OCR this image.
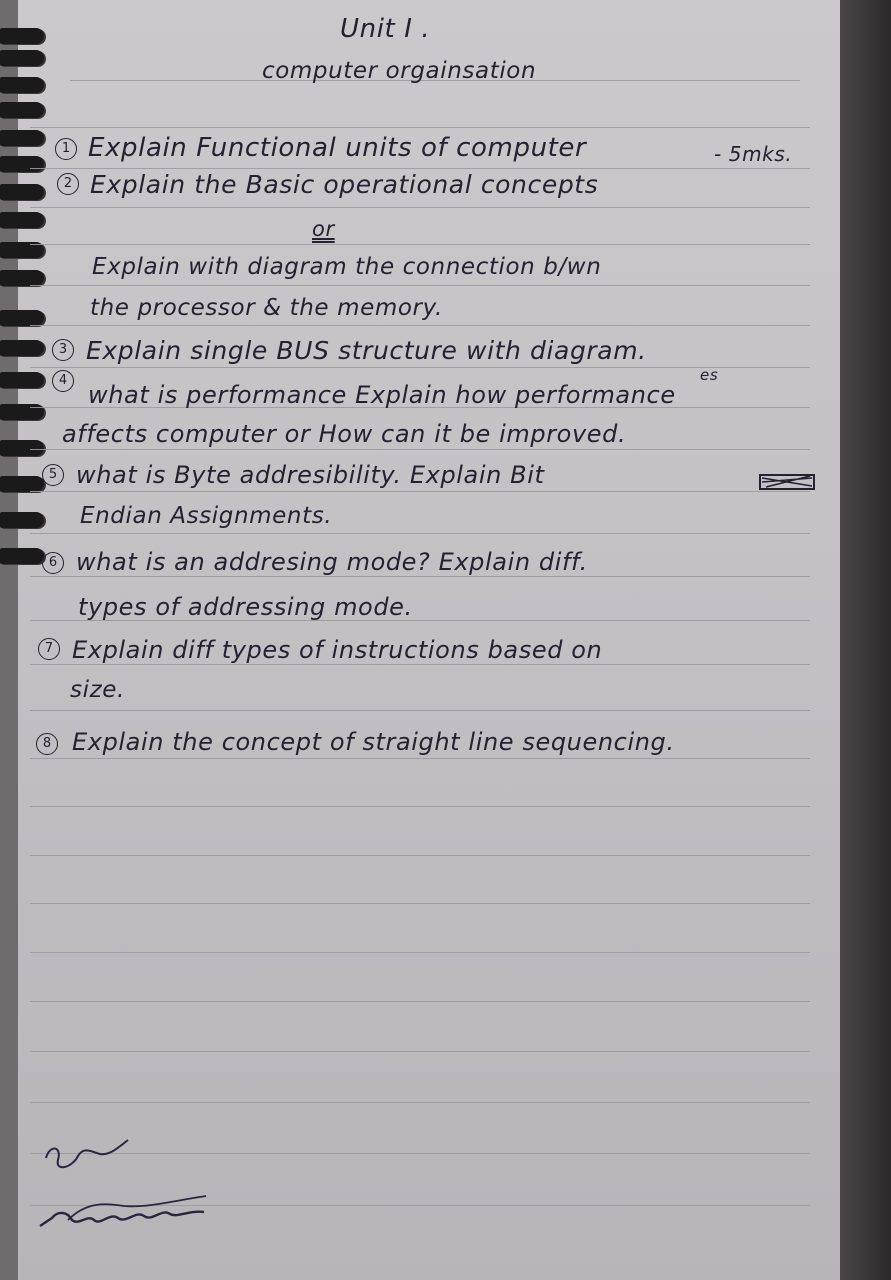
Unit I .
computer orgainsation
1 Explain Functional units of computer	- 5mks.
2 Explain the Basic operational concepts
or
Explain with diagram the connection b/wn
the processor & the memory.
3 Explain single BUS structure with diagram.
4	es
what is performance Explain how performance
affects computer or How can it be improved.
5 what is Byte addresibility. Explain Bit
Endian Assignments.
6 what is an addresing mode? Explain diff.
types of addressing mode.
7 Explain diff types of instructions based on
size.
8 Explain the concept of straight line sequencing.
